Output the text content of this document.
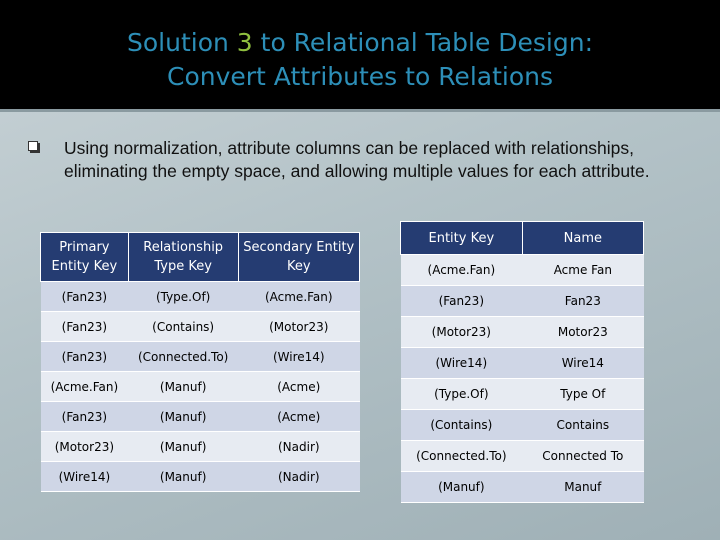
Solution 3 to Relational Table Design:
Convert Attributes to Relations
Using normalization, attribute columns can be replaced with relationships, eliminating the empty space, and allowing multiple values for each attribute.
Primary Entity Key	Relationship Type Key	Secondary Entity Key
(Fan23)	(Type.Of)	(Acme.Fan)
(Fan23)	(Contains)	(Motor23)
(Fan23)	(Connected.To)	(Wire14)
(Acme.Fan)	(Manuf)	(Acme)
(Fan23)	(Manuf)	(Acme)
(Motor23)	(Manuf)	(Nadir)
(Wire14)	(Manuf)	(Nadir)
Entity Key	Name
(Acme.Fan)	Acme Fan
(Fan23)	Fan23
(Motor23)	Motor23
(Wire14)	Wire14
(Type.Of)	Type Of
(Contains)	Contains
(Connected.To)	Connected To
(Manuf)	Manuf
